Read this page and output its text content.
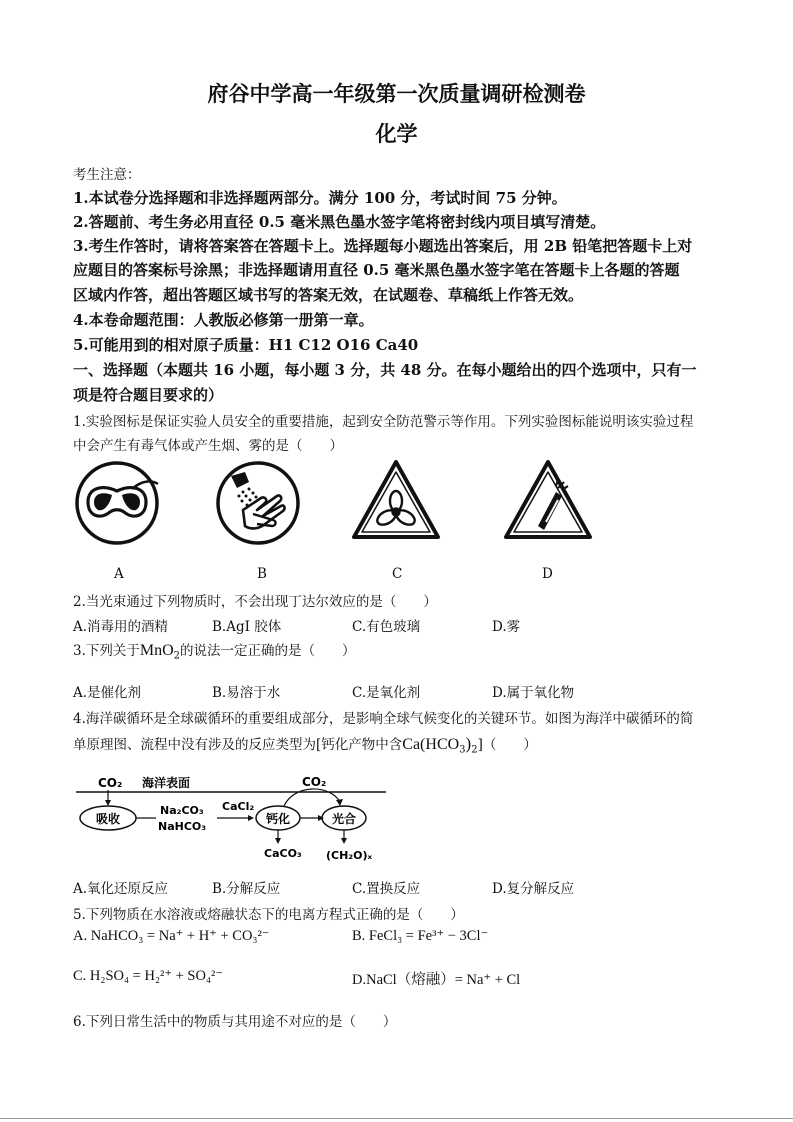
府谷中学高一年级第一次质量调研检测卷
化学
考生注意：
1.本试卷分选择题和非选择题两部分。满分 100 分，考试时间 75 分钟。
2.答题前、考生务必用直径 0.5 毫米黑色墨水签字笔将密封线内项目填写清楚。
3.考生作答时，请将答案答在答题卡上。选择题每小题选出答案后，用 2B 铅笔把答题卡上对
应题目的答案标号涂黑；非选择题请用直径 0.5 毫米黑色墨水签字笔在答题卡上各题的答题
区域内作答，超出答题区域书写的答案无效，在试题卷、草稿纸上作答无效。
4.本卷命题范围：人教版必修第一册第一章。
5.可能用到的相对原子质量：H1 C12 O16 Ca40
一、选择题（本题共 16 小题，每小题 3 分，共 48 分。在每小题给出的四个选项中，只有一
项是符合题目要求的）
1.实验图标是保证实验人员安全的重要措施，起到安全防范警示等作用。下列实验图标能说明该实验过程
中会产生有毒气体或产生烟、雾的是（　　）
A	B	C	D
2.当光束通过下列物质时，不会出现丁达尔效应的是（　　）
A.消毒用的酒精	B.AgI 胶体	C.有色玻璃	D.雾
3.下列关于MnO$_2$的说法一定正确的是（　　）
A.是催化剂	B.易溶于水	C.是氧化剂	D.属于氧化物
4.海洋碳循环是全球碳循环的重要组成部分，是影响全球气候变化的关键环节。如图为海洋中碳循环的简
单原理图、流程中没有涉及的反应类型为[钙化产物中含$Ca(HCO_3)_2$]（　　）
CO₂ 海洋表面
吸收
Na₂CO₃
NaHCO₃
CaCl₂
钙化
CO₂
光合
CaCO₃ (CH₂O)ₓ
A.氧化还原反应	B.分解反应	C.置换反应	D.复分解反应
5.下列物质在水溶液或熔融状态下的电离方程式正确的是（　　）
A. NaHCO₃ = Na⁺ + H⁺ + CO₃²⁻	B. FeCl₃ = Fe³⁺ − 3Cl⁻
C. H₂SO₄ = H₂²⁺ + SO₄²⁻	D.NaCl（熔融）= Na⁺ + Cl
6.下列日常生活中的物质与其用途不对应的是（　　）
